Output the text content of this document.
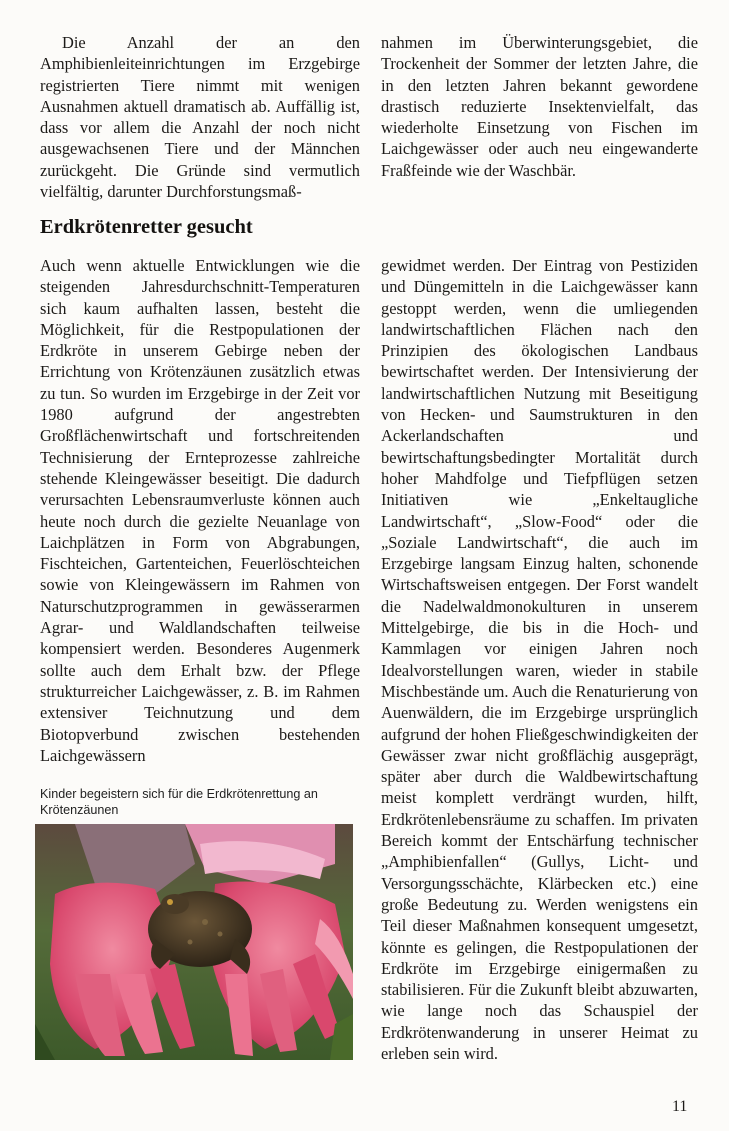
Die Anzahl der an den Amphibienleiteinrichtungen im Erzgebirge registrierten Tiere nimmt mit wenigen Ausnahmen aktuell dramatisch ab. Auffällig ist, dass vor allem die Anzahl der noch nicht ausgewachsenen Tiere und der Männchen zurückgeht. Die Gründe sind vermutlich vielfältig, darunter Durchforstungsmaß-

nahmen im Überwinterungsgebiet, die Trockenheit der Sommer der letzten Jahre, die in den letzten Jahren bekannt gewordene drastisch reduzierte Insektenvielfalt, das wiederholte Einsetzung von Fischen im Laichgewässer oder auch neu eingewanderte Fraßfeinde wie der Waschbär.

Erdkrötenretter gesucht

Auch wenn aktuelle Entwicklungen wie die steigenden Jahresdurchschnitt-Temperaturen sich kaum aufhalten lassen, besteht die Möglichkeit, für die Restpopulationen der Erdkröte in unserem Gebirge neben der Errichtung von Krötenzäunen zusätzlich etwas zu tun. So wurden im Erzgebirge in der Zeit vor 1980 aufgrund der angestrebten Großflächenwirtschaft und fortschreitenden Technisierung der Ernteprozesse zahlreiche stehende Kleingewässer beseitigt. Die dadurch verursachten Lebensraumverluste können auch heute noch durch die gezielte Neuanlage von Laichplätzen in Form von Abgrabungen, Fischteichen, Gartenteichen, Feuerlöschteichen sowie von Kleingewässern im Rahmen von Naturschutzprogrammen in gewässerarmen Agrar- und Waldlandschaften teilweise kompensiert werden. Besonderes Augenmerk sollte auch dem Erhalt bzw. der Pflege strukturreicher Laichgewässer, z. B. im Rahmen extensiver Teichnutzung und dem Biotopverbund zwischen bestehenden Laichgewässern

gewidmet werden. Der Eintrag von Pestiziden und Düngemitteln in die Laichgewässer kann gestoppt werden, wenn die umliegenden landwirtschaftlichen Flächen nach den Prinzipien des ökologischen Landbaus bewirtschaftet werden. Der Intensivierung der landwirtschaftlichen Nutzung mit Beseitigung von Hecken- und Saumstrukturen in den Ackerlandschaften und bewirtschaftungsbedingter Mortalität durch hoher Mahdfolge und Tiefpflügen setzen Initiativen wie „Enkeltaugliche Landwirtschaft“, „Slow-Food“ oder die „Soziale Landwirtschaft“, die auch im Erzgebirge langsam Einzug halten, schonende Wirtschaftsweisen entgegen. Der Forst wandelt die Nadelwaldmonokulturen in unserem Mittelgebirge, die bis in die Hoch- und Kammlagen vor einigen Jahren noch Idealvorstellungen waren, wieder in stabile Mischbestände um. Auch die Renaturierung von Auenwäldern, die im Erzgebirge ursprünglich aufgrund der hohen Fließgeschwindigkeiten der Gewässer zwar nicht großflächig ausgeprägt, später aber durch die Waldbewirtschaftung meist komplett verdrängt wurden, hilft, Erdkrötenlebensräume zu schaffen. Im privaten Bereich kommt der Entschärfung technischer „Amphibienfallen“ (Gullys, Licht- und Versorgungsschächte, Klärbecken etc.) eine große Bedeutung zu. Werden wenigstens ein Teil dieser Maßnahmen konsequent umgesetzt, könnte es gelingen, die Restpopulationen der Erdkröte im Erzgebirge einigermaßen zu stabilisieren. Für die Zukunft bleibt abzuwarten, wie lange noch das Schauspiel der Erdkrötenwanderung in unserer Heimat zu erleben sein wird.

Kinder begeistern sich für die Erdkrötenrettung an Krötenzäunen
11
